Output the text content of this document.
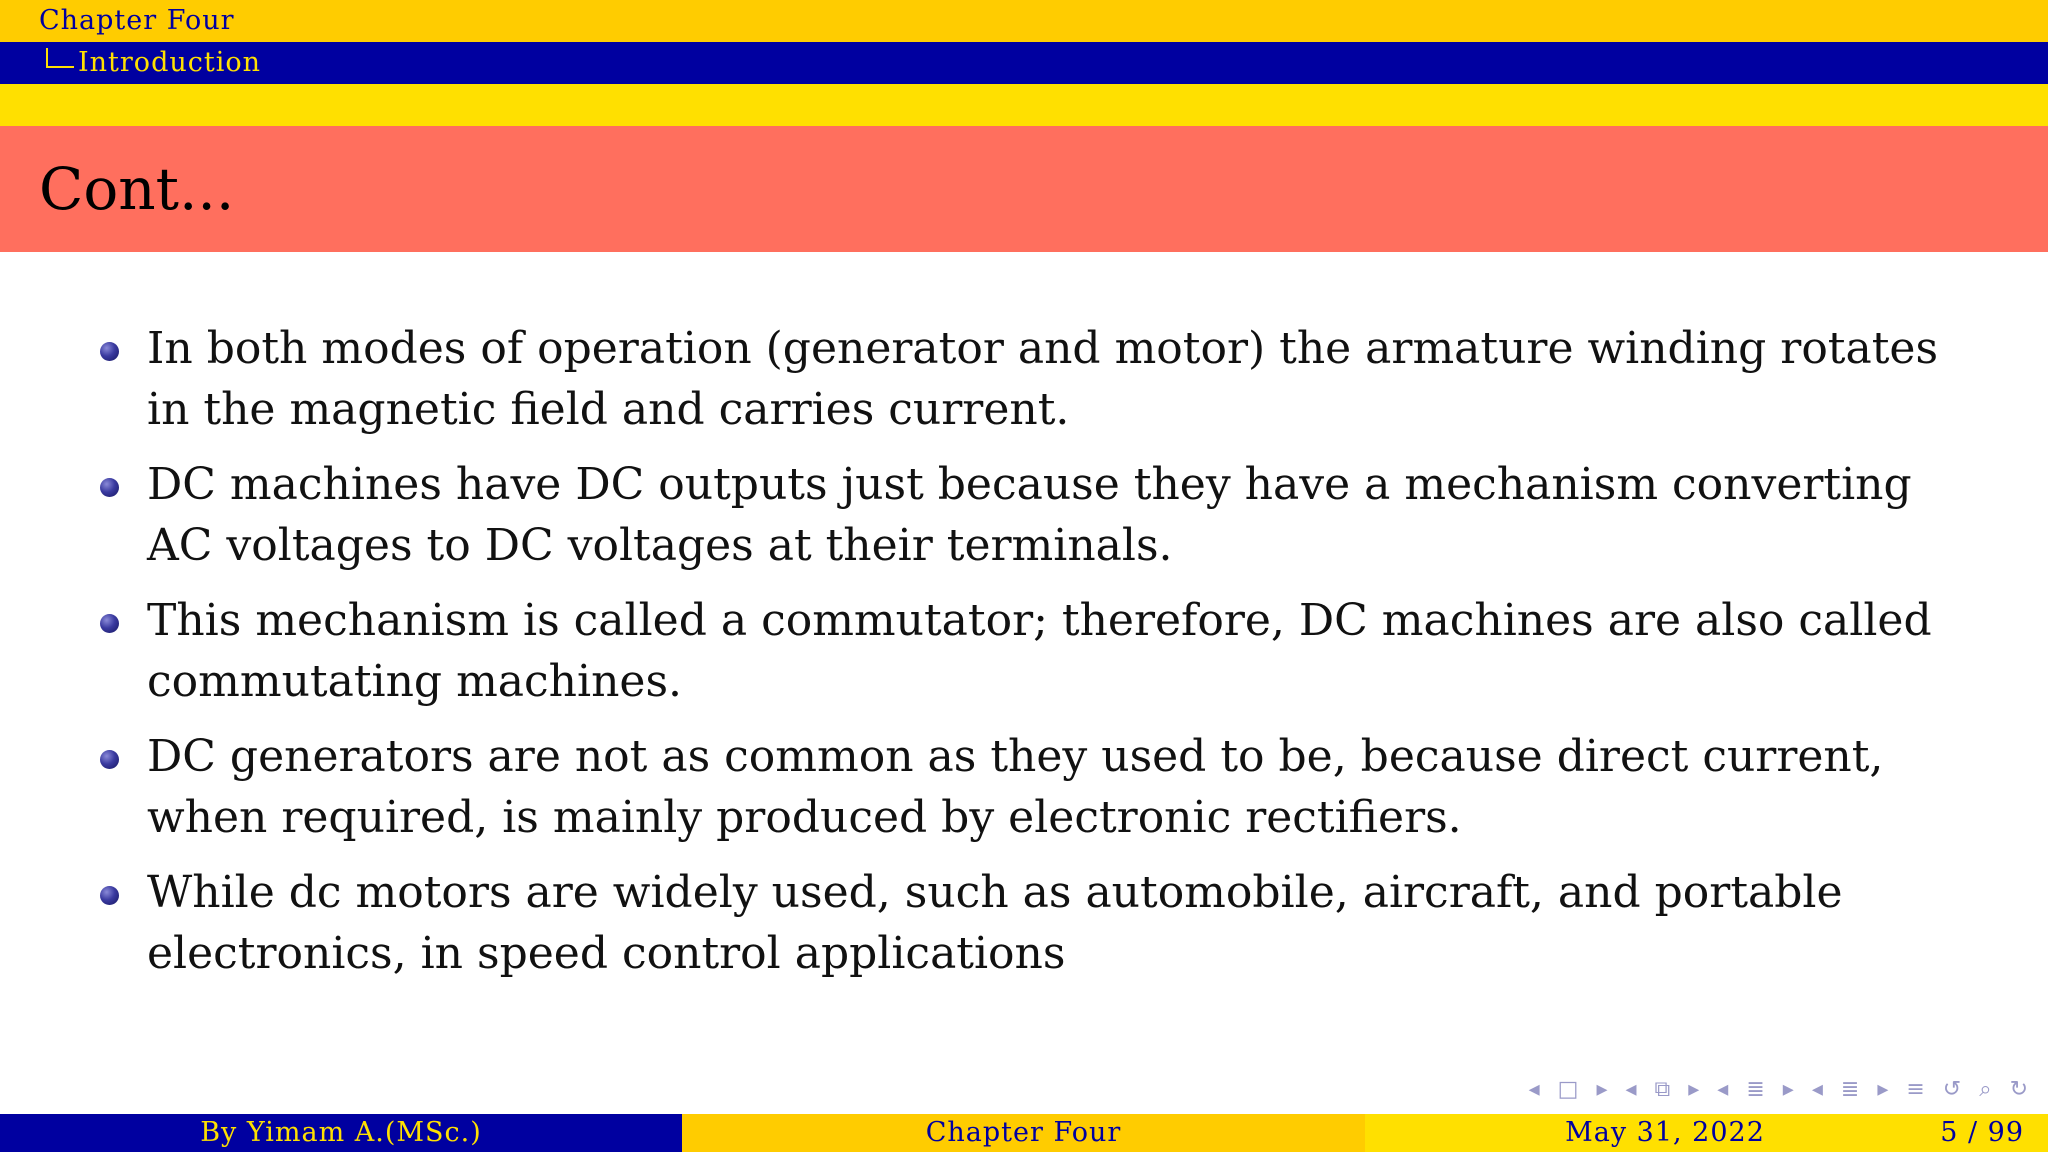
Chapter Four
Introduction
Cont...
In both modes of operation (generator and motor) the armature winding rotates in the magnetic field and carries current.
DC machines have DC outputs just because they have a mechanism converting AC voltages to DC voltages at their terminals.
This mechanism is called a commutator; therefore, DC machines are also called commutating machines.
DC generators are not as common as they used to be, because direct current, when required, is mainly produced by electronic rectifiers.
While dc motors are widely used, such as automobile, aircraft, and portable electronics, in speed control applications
◂ □ ▸ ◂ ⧉ ▸ ◂ ≣ ▸ ◂ ≣ ▸ ≡ ↺ ⌕ ↻
By Yimam A.(MSc.)	Chapter Four	May 31, 2022	5 / 99
